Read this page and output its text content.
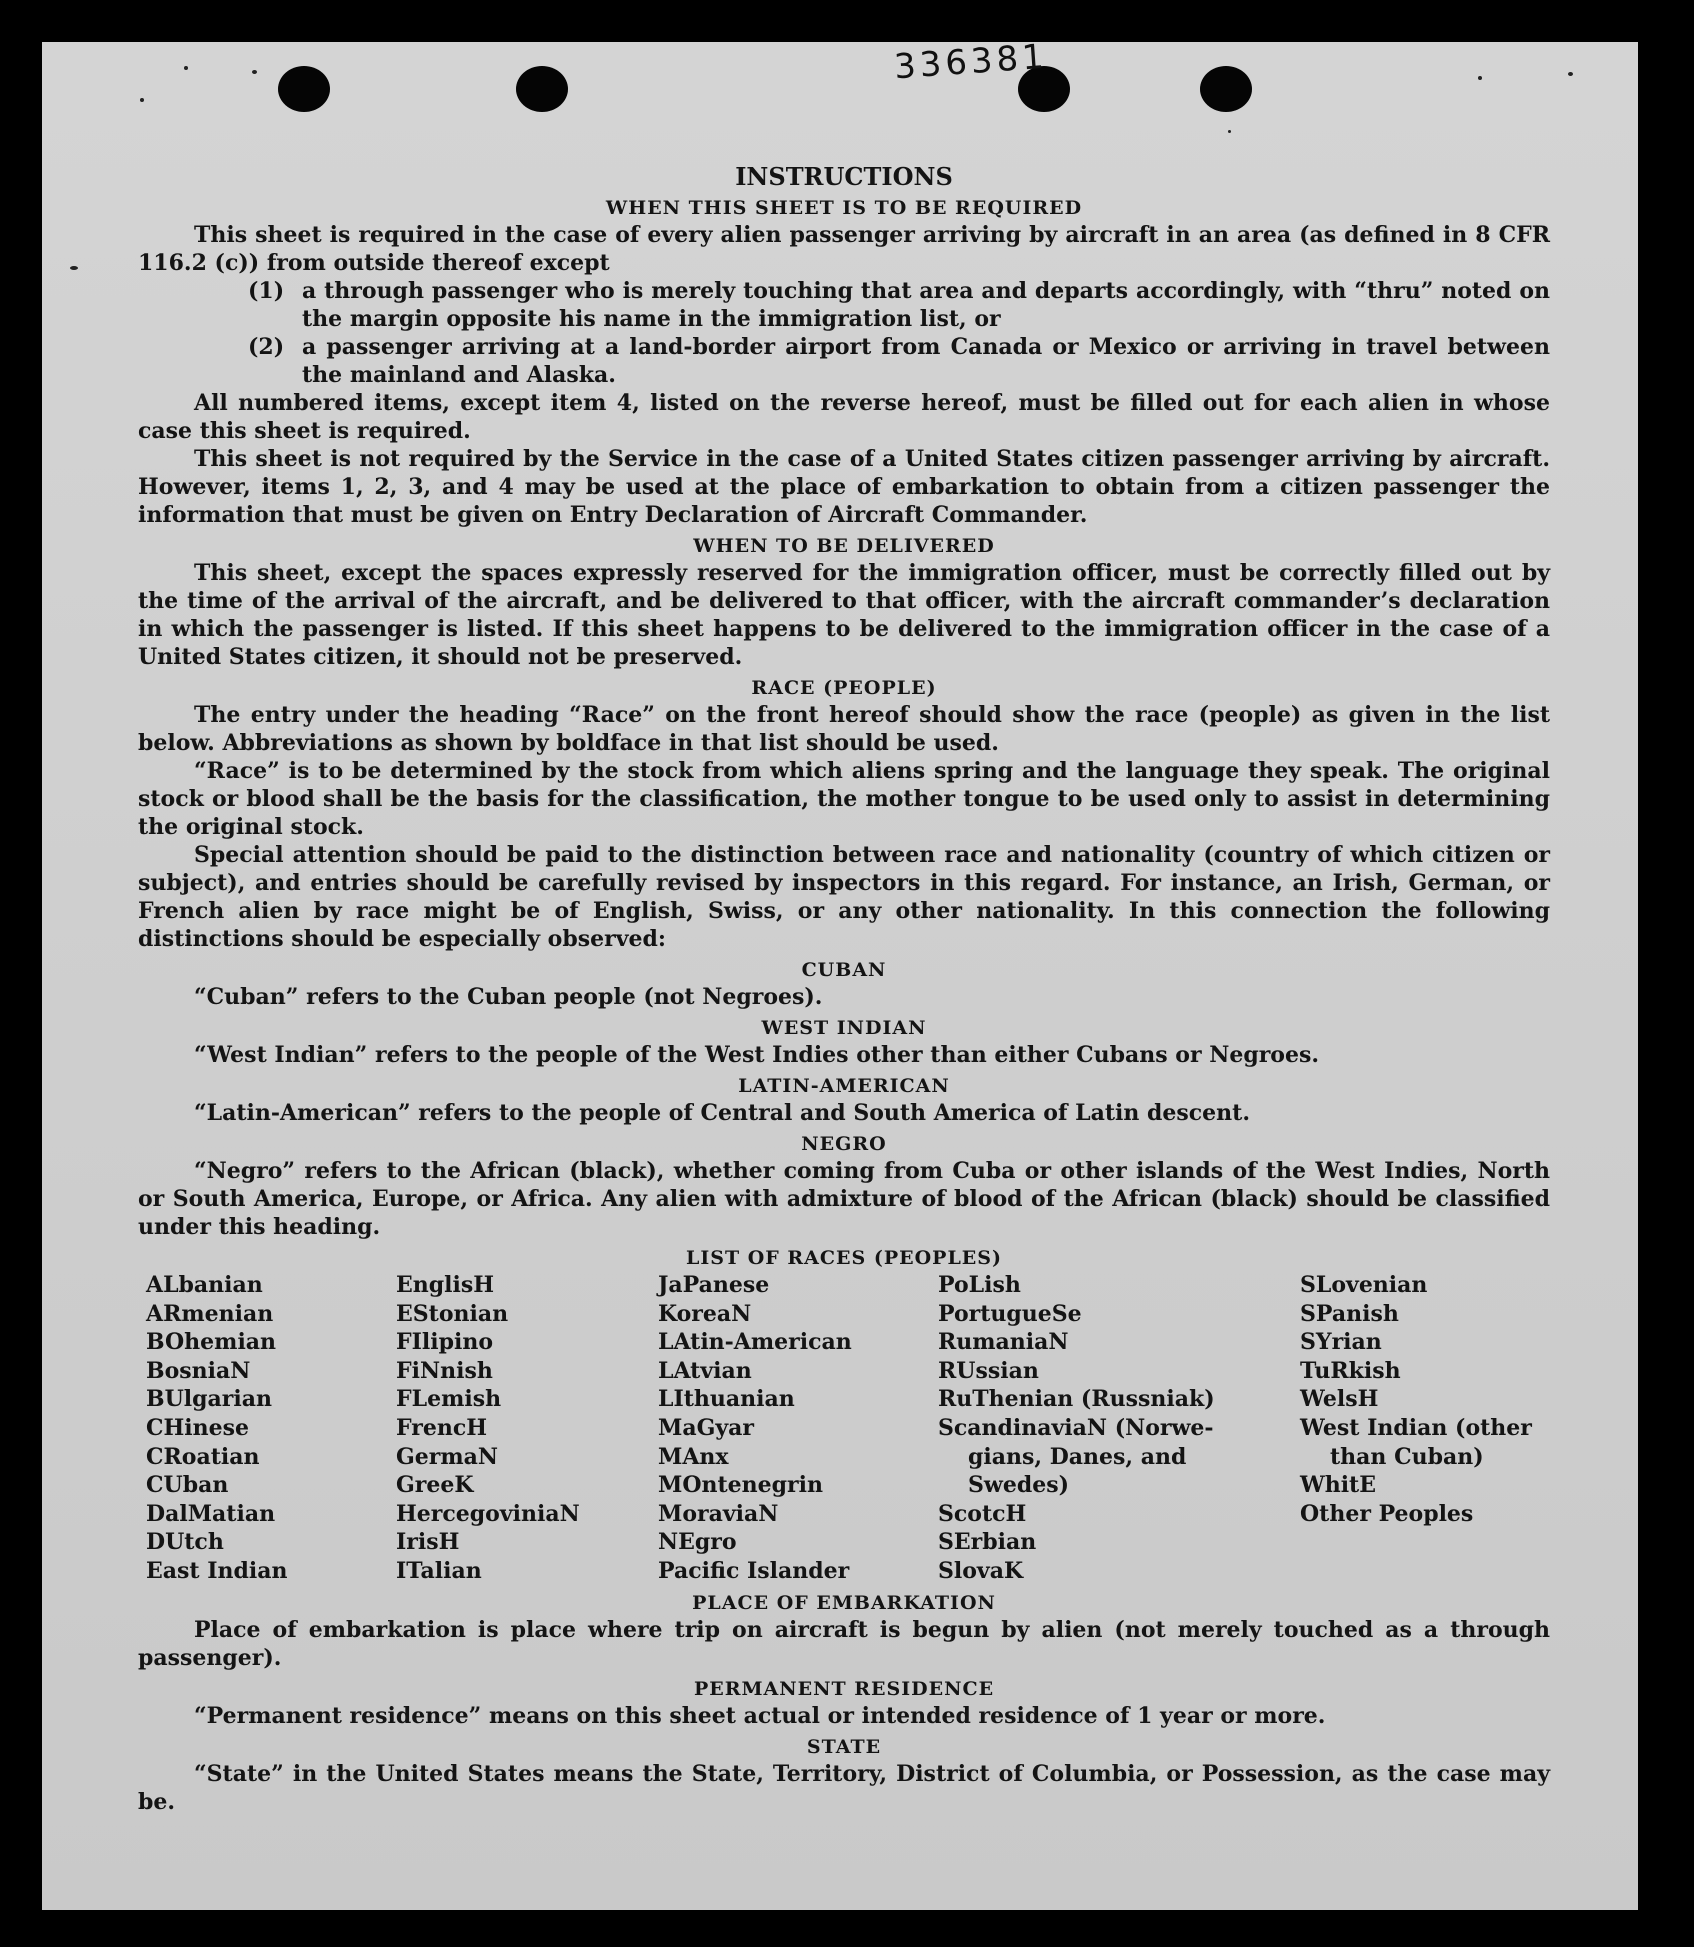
336381
INSTRUCTIONS
WHEN THIS SHEET IS TO BE REQUIRED

This sheet is required in the case of every alien passenger arriving by aircraft in an area (as defined in 8 CFR 116.2 (c)) from outside thereof except

(1) a through passenger who is merely touching that area and departs accordingly, with “thru” noted on the margin opposite his name in the immigration list, or
(2) a passenger arriving at a land-border airport from Canada or Mexico or arriving in travel between the mainland and Alaska.

All numbered items, except item 4, listed on the reverse hereof, must be filled out for each alien in whose case this sheet is required.

This sheet is not required by the Service in the case of a United States citizen passenger arriving by aircraft. However, items 1, 2, 3, and 4 may be used at the place of embarkation to obtain from a citizen passenger the information that must be given on Entry Declaration of Aircraft Commander.

WHEN TO BE DELIVERED

This sheet, except the spaces expressly reserved for the immigration officer, must be correctly filled out by the time of the arrival of the aircraft, and be delivered to that officer, with the aircraft commander’s declaration in which the passenger is listed. If this sheet happens to be delivered to the immigration officer in the case of a United States citizen, it should not be preserved.

RACE (PEOPLE)

The entry under the heading “Race” on the front hereof should show the race (people) as given in the list below. Abbreviations as shown by boldface in that list should be used.

“Race” is to be determined by the stock from which aliens spring and the language they speak. The original stock or blood shall be the basis for the classification, the mother tongue to be used only to assist in determining the original stock.

Special attention should be paid to the distinction between race and nationality (country of which citizen or subject), and entries should be carefully revised by inspectors in this regard. For instance, an Irish, German, or French alien by race might be of English, Swiss, or any other nationality. In this connection the following distinctions should be especially observed:

CUBAN

“Cuban” refers to the Cuban people (not Negroes).

WEST INDIAN

“West Indian” refers to the people of the West Indies other than either Cubans or Negroes.

LATIN-AMERICAN

“Latin-American” refers to the people of Central and South America of Latin descent.

NEGRO

“Negro” refers to the African (black), whether coming from Cuba or other islands of the West Indies, North or South America, Europe, or Africa. Any alien with admixture of blood of the African (black) should be classified under this heading.

LIST OF RACES (PEOPLES)
ALbanian
ARmenian
BOhemian
BosniaN
BUlgarian
CHinese
CRoatian
CUban
DalMatian
DUtch
East Indian
EnglisH
EStonian
FIlipino
FiNnish
FLemish
FrencH
GermaN
GreeK
HercegoviniaN
IrisH
ITalian
JaPanese
KoreaN
LAtin-American
LAtvian
LIthuanian
MaGyar
MAnx
MOntenegrin
MoraviaN
NEgro
Pacific Islander
PoLish
PortugueSe
RumaniaN
RUssian
RuThenian (Russniak)
ScandinaviaN (Norwe-
gians, Danes, and
Swedes)
ScotcH
SErbian
SlovaK
SLovenian
SPanish
SYrian
TuRkish
WelsH
West Indian (other
than Cuban)
WhitE
Other Peoples
PLACE OF EMBARKATION

Place of embarkation is place where trip on aircraft is begun by alien (not merely touched as a through passenger).

PERMANENT RESIDENCE

“Permanent residence” means on this sheet actual or intended residence of 1 year or more.

STATE

“State” in the United States means the State, Territory, District of Columbia, or Possession, as the case may be.
